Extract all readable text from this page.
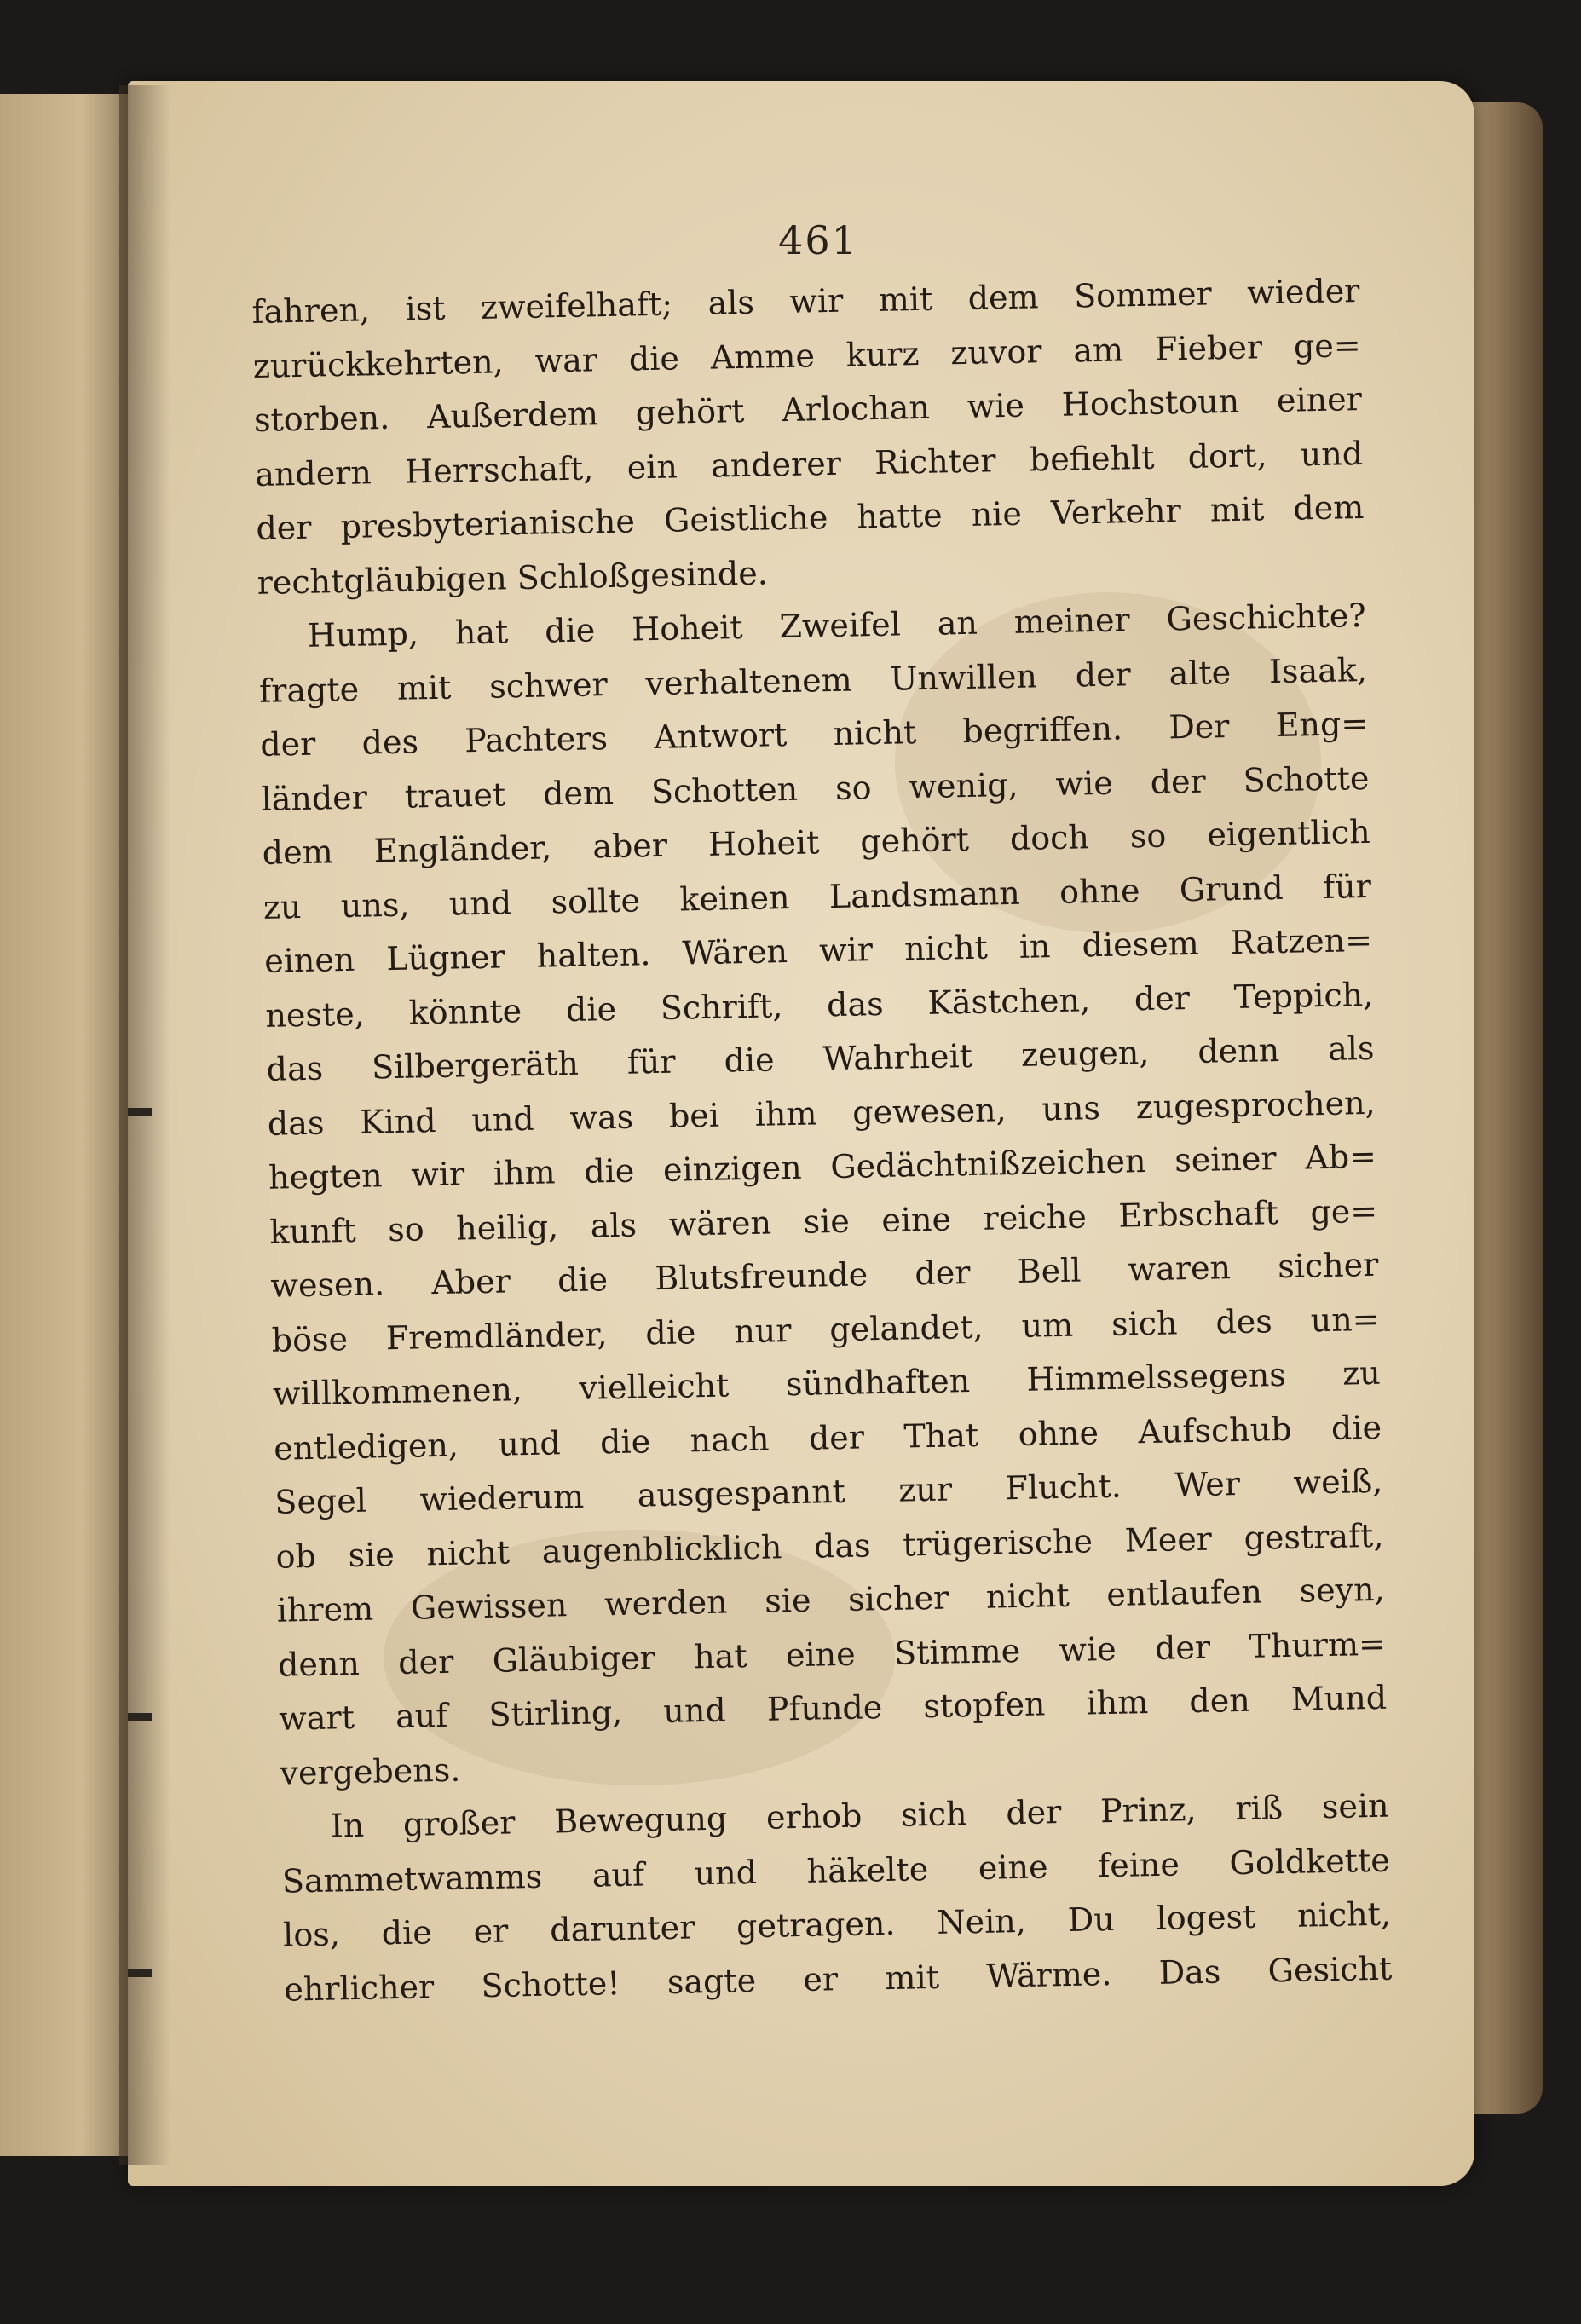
461
fahren, ist zweifelhaft; als wir mit dem Sommer wieder
zurückkehrten, war die Amme kurz zuvor am Fieber ge=
storben. Außerdem gehört Arlochan wie Hochstoun einer
andern Herrschaft, ein anderer Richter befiehlt dort, und
der presbyterianische Geistliche hatte nie Verkehr mit dem
rechtgläubigen Schloßgesinde.
Hump, hat die Hoheit Zweifel an meiner Geschichte?
fragte mit schwer verhaltenem Unwillen der alte Isaak,
der des Pachters Antwort nicht begriffen. Der Eng=
länder trauet dem Schotten so wenig, wie der Schotte
dem Engländer, aber Hoheit gehört doch so eigentlich
zu uns, und sollte keinen Landsmann ohne Grund für
einen Lügner halten. Wären wir nicht in diesem Ratzen=
neste, könnte die Schrift, das Kästchen, der Teppich,
das Silbergeräth für die Wahrheit zeugen, denn als
das Kind und was bei ihm gewesen, uns zugesprochen,
hegten wir ihm die einzigen Gedächtnißzeichen seiner Ab=
kunft so heilig, als wären sie eine reiche Erbschaft ge=
wesen. Aber die Blutsfreunde der Bell waren sicher
böse Fremdländer, die nur gelandet, um sich des un=
willkommenen, vielleicht sündhaften Himmelssegens zu
entledigen, und die nach der That ohne Aufschub die
Segel wiederum ausgespannt zur Flucht. Wer weiß,
ob sie nicht augenblicklich das trügerische Meer gestraft,
ihrem Gewissen werden sie sicher nicht entlaufen seyn,
denn der Gläubiger hat eine Stimme wie der Thurm=
wart auf Stirling, und Pfunde stopfen ihm den Mund
vergebens.
In großer Bewegung erhob sich der Prinz, riß sein
Sammetwamms auf und häkelte eine feine Goldkette
los, die er darunter getragen. Nein, Du logest nicht,
ehrlicher Schotte! sagte er mit Wärme. Das Gesicht
